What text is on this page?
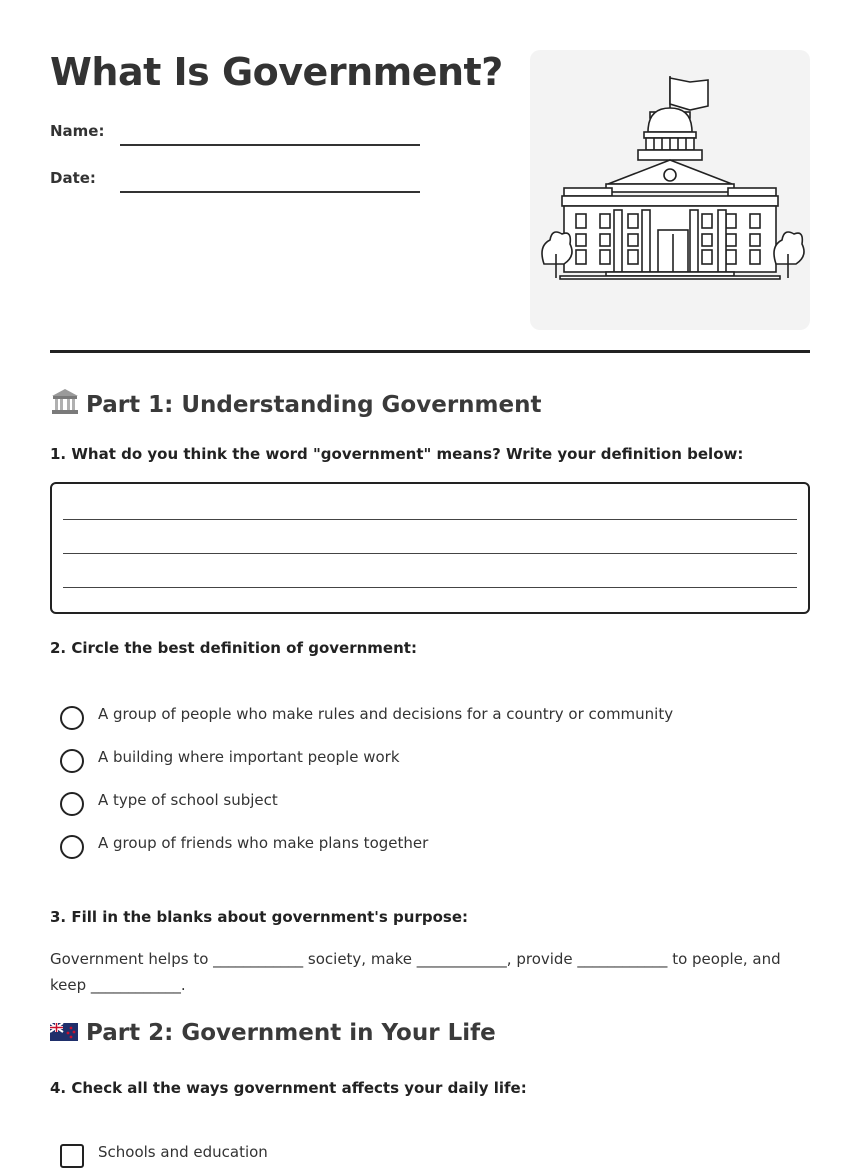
What Is Government?
Name:
Date:
Part 1: Understanding Government

1. What do you think the word "government" means? Write your definition below:

2. Circle the best definition of government:

A group of people who make rules and decisions for a country or community
A building where important people work
A type of school subject
A group of friends who make plans together

3. Fill in the blanks about government's purpose:

Government helps to ____________ society, make ____________, provide ____________ to people, and keep ____________.

Part 2: Government in Your Life

4. Check all the ways government affects your daily life:

Schools and education
